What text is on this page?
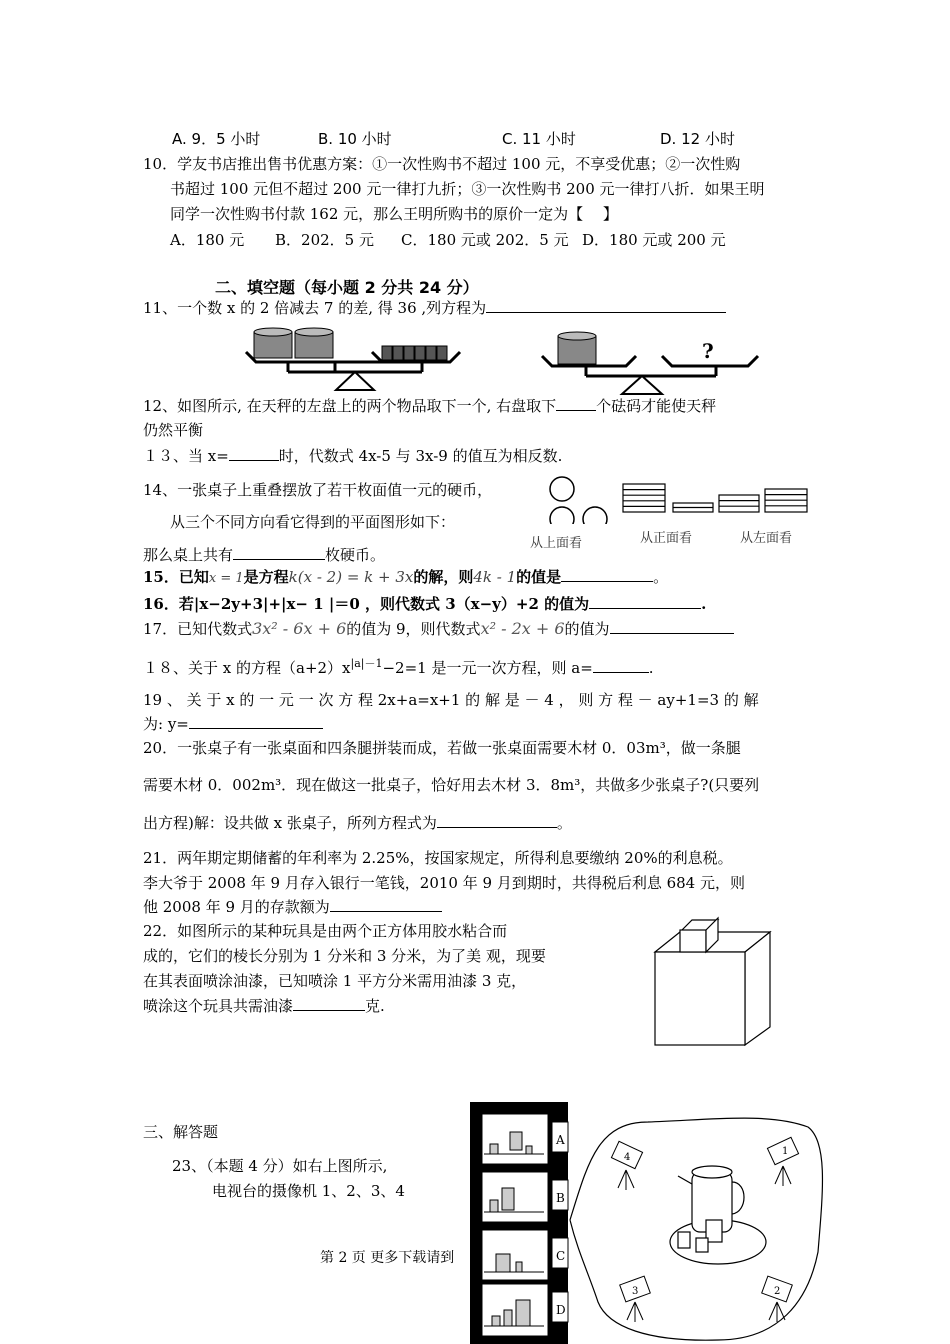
A. 9．5 小时	B. 10 小时	C. 11 小时	D. 12 小时
10．学友书店推出售书优惠方案：①一次性购书不超过 100 元，不享受优惠；②一次性购
书超过 100 元但不超过 200 元一律打九折；③一次性购书 200 元一律打八折．如果王明
同学一次性购书付款 162 元，那么王明所购书的原价一定为【　 】
A．180 元 B．202．5 元 C．180 元或 202．5 元 D．180 元或 200 元
二、填空题（每小题 2 分共 24 分）
11、一个数 x 的 2 倍减去 7 的差, 得 36 ,列方程为
?
12、如图所示, 在天秤的左盘上的两个物品取下一个, 右盘取下	个砝码才能使天秤
仍然平衡
１３、当 x=	时，代数式 4x-5 与 3x-9 的值互为相反数.
14、一张桌子上重叠摆放了若干枚面值一元的硬币，
从三个不同方向看它得到的平面图形如下：
那么桌上共有	枚硬币。
从上面看	从正面看	从左面看
15．已知x = 1是方程k(x - 2) = k + 3x的解，则4k - 1的值是	。
16．若|x−2y+3|+|x− 1 |＝0 ，则代数式 3（x−y）+2 的值为	.
17．已知代数式3x² - 6x + 6的值为 9，则代数式x² - 2x + 6的值为
１８、关于 x 的方程$(a+2)x^{|a|-1}-2=1$ 是一元一次方程，则 a=	.
19 、 关 于 x 的 一 元 一 次 方 程 2x+a=x+1 的 解 是 － 4 ， 则 方 程 － ay+1=3 的 解
为: y=
20．一张桌子有一张桌面和四条腿拼装而成，若做一张桌面需要木材 0．03m³，做一条腿
需要木材 0．002m³．现在做这一批桌子，恰好用去木材 3．8m³，共做多少张桌子?(只要列
出方程)解：设共做 x 张桌子，所列方程式为	。
21．两年期定期储蓄的年利率为 2.25%，按国家规定，所得利息要缴纳 20%的利息税。
李大爷于 2008 年 9 月存入银行一笔钱，2010 年 9 月到期时，共得税后利息 684 元，则
他 2008 年 9 月的存款额为
22．如图所示的某种玩具是由两个正方体用胶水粘合而
成的，它们的棱长分别为 1 分米和 3 分米，为了美 观，现要
在其表面喷涂油漆，已知喷涂 1 平方分米需用油漆 3 克，
喷涂这个玩具共需油漆	克.
三、解答题
23、（本题 4 分）如右上图所示,
电视台的摄像机 1、2、3、4
A
B
C
D
4
1
3	2
第 2 页 更多下载请到
